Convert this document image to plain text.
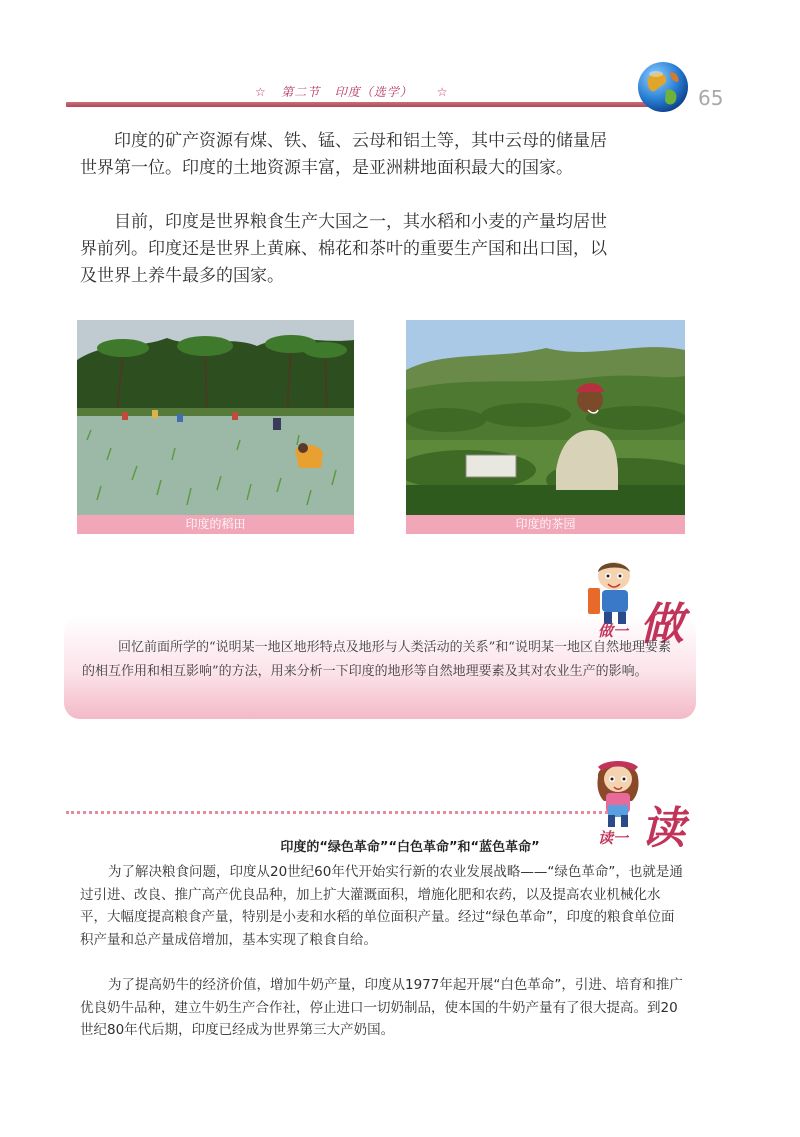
☆ 第二节 印度（选学） ☆	65

印度的矿产资源有煤、铁、锰、云母和铝土等，其中云母的储量居世界第一位。印度的土地资源丰富，是亚洲耕地面积最大的国家。

目前，印度是世界粮食生产大国之一，其水稻和小麦的产量均居世界前列。印度还是世界上黄麻、棉花和茶叶的重要生产国和出口国，以及世界上养牛最多的国家。

印度的稻田	印度的茶园
做一 做
回忆前面所学的“说明某一地区地形特点及地形与人类活动的关系”和“说明某一地区自然地理要素的相互作用和相互影响”的方法，用来分析一下印度的地形等自然地理要素及其对农业生产的影响。
读一 读
印度的“绿色革命”“白色革命”和“蓝色革命”

为了解决粮食问题，印度从20世纪60年代开始实行新的农业发展战略——“绿色革命”，也就是通过引进、改良、推广高产优良品种，加上扩大灌溉面积，增施化肥和农药，以及提高农业机械化水平，大幅度提高粮食产量，特别是小麦和水稻的单位面积产量。经过“绿色革命”，印度的粮食单位面积产量和总产量成倍增加，基本实现了粮食自给。

为了提高奶牛的经济价值，增加牛奶产量，印度从1977年起开展“白色革命”，引进、培育和推广优良奶牛品种，建立牛奶生产合作社，停止进口一切奶制品，使本国的牛奶产量有了很大提高。到20世纪80年代后期，印度已经成为世界第三大产奶国。
